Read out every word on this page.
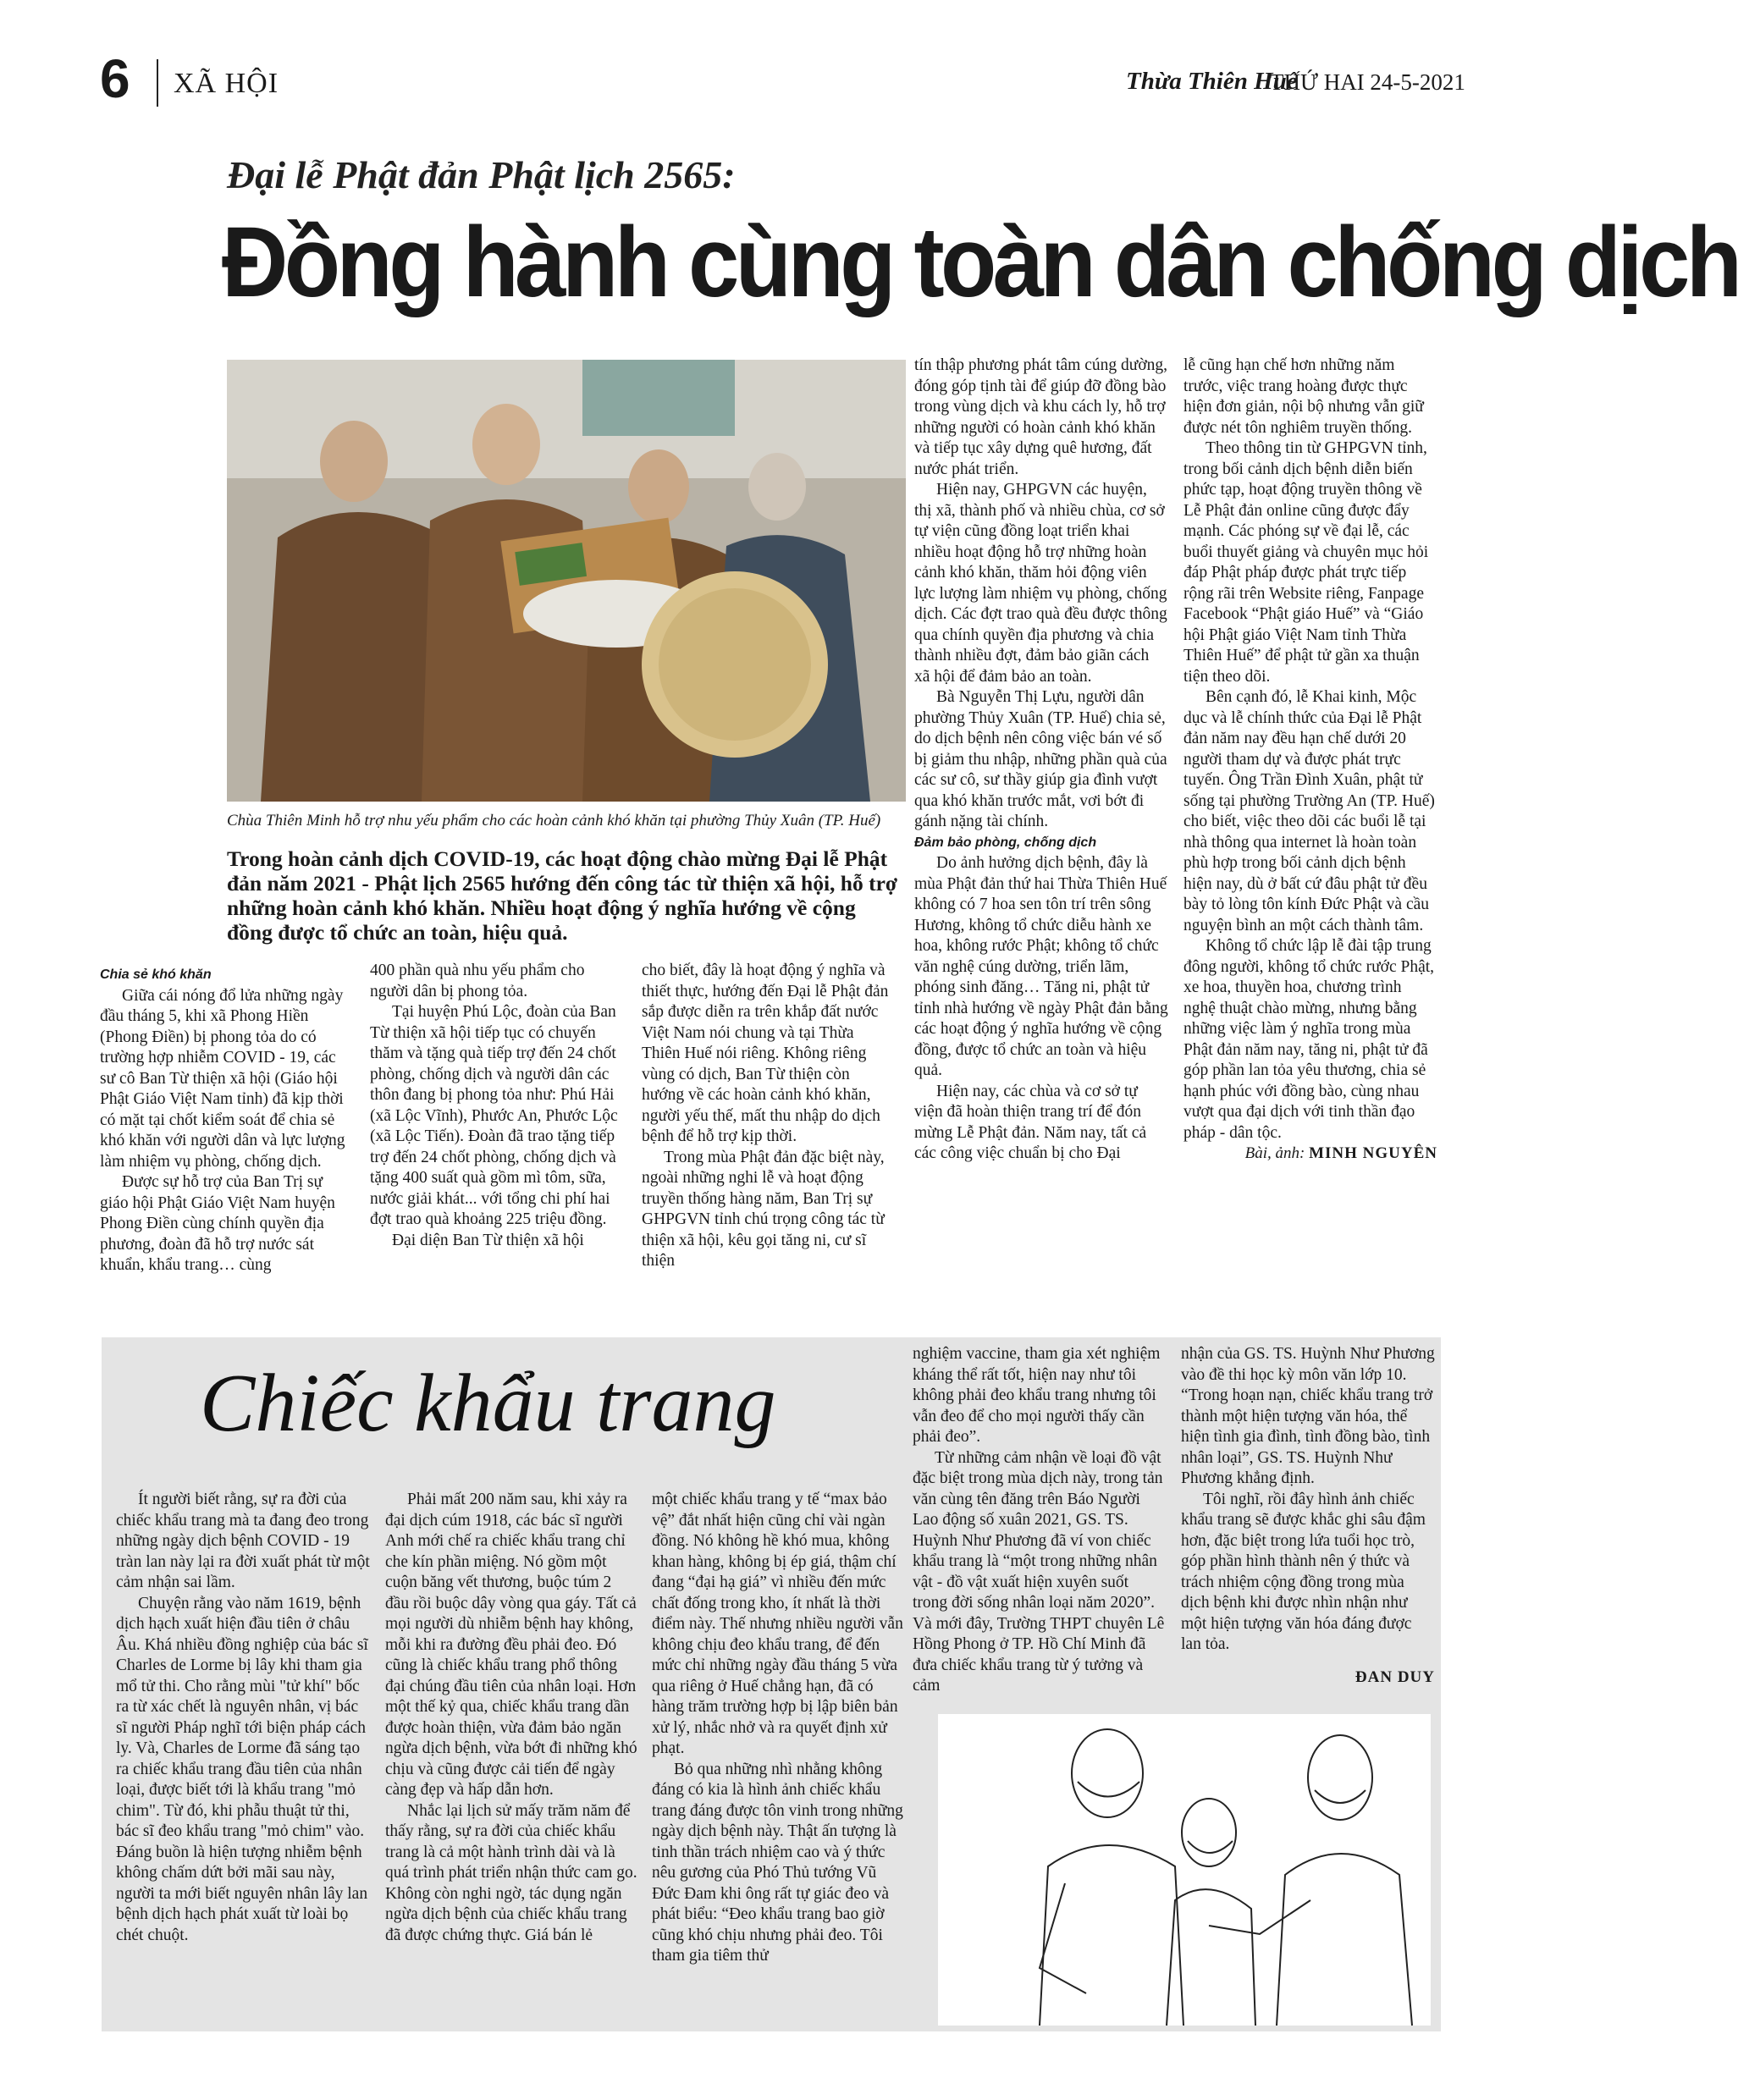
6 XÃ HỘI	Thừa Thiên Huế
THỨ HAI 24-5-2021
Đại lễ Phật đản Phật lịch 2565:
Đồng hành cùng toàn dân chống dịch
Chùa Thiên Minh hỗ trợ nhu yếu phẩm cho các hoàn cảnh khó khăn tại phường Thủy Xuân (TP. Huế)
Trong hoàn cảnh dịch COVID-19, các hoạt động chào mừng Đại lễ Phật đản năm 2021 - Phật lịch 2565 hướng đến công tác từ thiện xã hội, hỗ trợ những hoàn cảnh khó khăn. Nhiều hoạt động ý nghĩa hướng về cộng đồng được tổ chức an toàn, hiệu quả.

Chia sẻ khó khăn

Giữa cái nóng đổ lửa những ngày đầu tháng 5, khi xã Phong Hiền (Phong Điền) bị phong tỏa do có trường hợp nhiễm COVID - 19, các sư cô Ban Từ thiện xã hội (Giáo hội Phật Giáo Việt Nam tỉnh) đã kịp thời có mặt tại chốt kiểm soát để chia sẻ khó khăn với người dân và lực lượng làm nhiệm vụ phòng, chống dịch.

Được sự hỗ trợ của Ban Trị sự giáo hội Phật Giáo Việt Nam huyện Phong Điền cùng chính quyền địa phương, đoàn đã hỗ trợ nước sát khuẩn, khẩu trang… cùng

400 phần quà nhu yếu phẩm cho người dân bị phong tỏa.

Tại huyện Phú Lộc, đoàn của Ban Từ thiện xã hội tiếp tục có chuyến thăm và tặng quà tiếp trợ đến 24 chốt phòng, chống dịch và người dân các thôn đang bị phong tỏa như: Phú Hải (xã Lộc Vĩnh), Phước An, Phước Lộc (xã Lộc Tiến). Đoàn đã trao tặng tiếp trợ đến 24 chốt phòng, chống dịch và tặng 400 suất quà gồm mì tôm, sữa, nước giải khát... với tổng chi phí hai đợt trao quà khoảng 225 triệu đồng.

Đại diện Ban Từ thiện xã hội

cho biết, đây là hoạt động ý nghĩa và thiết thực, hướng đến Đại lễ Phật đản sắp được diễn ra trên khắp đất nước Việt Nam nói chung và tại Thừa Thiên Huế nói riêng. Không riêng vùng có dịch, Ban Từ thiện còn hướng về các hoàn cảnh khó khăn, người yếu thế, mất thu nhập do dịch bệnh để hỗ trợ kịp thời.

Trong mùa Phật đản đặc biệt này, ngoài những nghi lễ và hoạt động truyền thống hàng năm, Ban Trị sự GHPGVN tỉnh chú trọng công tác từ thiện xã hội, kêu gọi tăng ni, cư sĩ thiện

tín thập phương phát tâm cúng dường, đóng góp tịnh tài để giúp đỡ đồng bào trong vùng dịch và khu cách ly, hỗ trợ những người có hoàn cảnh khó khăn và tiếp tục xây dựng quê hương, đất nước phát triển.

Hiện nay, GHPGVN các huyện, thị xã, thành phố và nhiều chùa, cơ sở tự viện cũng đồng loạt triển khai nhiều hoạt động hỗ trợ những hoàn cảnh khó khăn, thăm hỏi động viên lực lượng làm nhiệm vụ phòng, chống dịch. Các đợt trao quà đều được thông qua chính quyền địa phương và chia thành nhiều đợt, đảm bảo giãn cách xã hội để đảm bảo an toàn.

Bà Nguyễn Thị Lựu, người dân phường Thủy Xuân (TP. Huế) chia sẻ, do dịch bệnh nên công việc bán vé số bị giảm thu nhập, những phần quà của các sư cô, sư thầy giúp gia đình vượt qua khó khăn trước mắt, vơi bớt đi gánh nặng tài chính.

Đảm bảo phòng, chống dịch

Do ảnh hưởng dịch bệnh, đây là mùa Phật đản thứ hai Thừa Thiên Huế không có 7 hoa sen tôn trí trên sông Hương, không tổ chức diễu hành xe hoa, không rước Phật; không tổ chức văn nghệ cúng dường, triển lãm, phóng sinh đăng… Tăng ni, phật tử tỉnh nhà hướng về ngày Phật đản bằng các hoạt động ý nghĩa hướng về cộng đồng, được tổ chức an toàn và hiệu quả.

Hiện nay, các chùa và cơ sở tự viện đã hoàn thiện trang trí để đón mừng Lễ Phật đản. Năm nay, tất cả các công việc chuẩn bị cho Đại

lễ cũng hạn chế hơn những năm trước, việc trang hoàng được thực hiện đơn giản, nội bộ nhưng vẫn giữ được nét tôn nghiêm truyền thống.

Theo thông tin từ GHPGVN tỉnh, trong bối cảnh dịch bệnh diễn biến phức tạp, hoạt động truyền thông về Lễ Phật đản online cũng được đẩy mạnh. Các phóng sự về đại lễ, các buổi thuyết giảng và chuyên mục hỏi đáp Phật pháp được phát trực tiếp rộng rãi trên Website riêng, Fanpage Facebook “Phật giáo Huế” và “Giáo hội Phật giáo Việt Nam tỉnh Thừa Thiên Huế” để phật tử gần xa thuận tiện theo dõi.

Bên cạnh đó, lễ Khai kinh, Mộc dục và lễ chính thức của Đại lễ Phật đản năm nay đều hạn chế dưới 20 người tham dự và được phát trực tuyến. Ông Trần Đình Xuân, phật tử sống tại phường Trường An (TP. Huế) cho biết, việc theo dõi các buổi lễ tại nhà thông qua internet là hoàn toàn phù hợp trong bối cảnh dịch bệnh hiện nay, dù ở bất cứ đâu phật tử đều bày tỏ lòng tôn kính Đức Phật và cầu nguyện bình an một cách thành tâm.

Không tổ chức lập lễ đài tập trung đông người, không tổ chức rước Phật, xe hoa, thuyền hoa, chương trình nghệ thuật chào mừng, nhưng bằng những việc làm ý nghĩa trong mùa Phật đản năm nay, tăng ni, phật tử đã góp phần lan tỏa yêu thương, chia sẻ hạnh phúc với đồng bào, cùng nhau vượt qua đại dịch với tinh thần đạo pháp - dân tộc.

Bài, ảnh: MINH NGUYÊN
Chiếc khẩu trang

Ít người biết rằng, sự ra đời của chiếc khẩu trang mà ta đang đeo trong những ngày dịch bệnh COVID - 19 tràn lan này lại ra đời xuất phát từ một cảm nhận sai lầm.

Chuyện rằng vào năm 1619, bệnh dịch hạch xuất hiện đầu tiên ở châu Âu. Khá nhiều đồng nghiệp của bác sĩ Charles de Lorme bị lây khi tham gia mổ tử thi. Cho rằng mùi "tử khí" bốc ra từ xác chết là nguyên nhân, vị bác sĩ người Pháp nghĩ tới biện pháp cách ly. Và, Charles de Lorme đã sáng tạo ra chiếc khẩu trang đầu tiên của nhân loại, được biết tới là khẩu trang "mỏ chim". Từ đó, khi phẫu thuật tử thi, bác sĩ đeo khẩu trang "mỏ chim" vào. Đáng buồn là hiện tượng nhiễm bệnh không chấm dứt bởi mãi sau này, người ta mới biết nguyên nhân lây lan bệnh dịch hạch phát xuất từ loài bọ chét chuột.

Phải mất 200 năm sau, khi xảy ra đại dịch cúm 1918, các bác sĩ người Anh mới chế ra chiếc khẩu trang chỉ che kín phần miệng. Nó gồm một cuộn băng vết thương, buộc túm 2 đầu rồi buộc dây vòng qua gáy. Tất cả mọi người dù nhiễm bệnh hay không, mỗi khi ra đường đều phải đeo. Đó cũng là chiếc khẩu trang phổ thông đại chúng đầu tiên của nhân loại. Hơn một thế kỷ qua, chiếc khẩu trang dần được hoàn thiện, vừa đảm bảo ngăn ngừa dịch bệnh, vừa bớt đi những khó chịu và cũng được cải tiến để ngày càng đẹp và hấp dẫn hơn.

Nhắc lại lịch sử mấy trăm năm để thấy rằng, sự ra đời của chiếc khẩu trang là cả một hành trình dài và là quá trình phát triển nhận thức cam go. Không còn nghi ngờ, tác dụng ngăn ngừa dịch bệnh của chiếc khẩu trang đã được chứng thực. Giá bán lẻ

một chiếc khẩu trang y tế “max bảo vệ” đắt nhất hiện cũng chỉ vài ngàn đồng. Nó không hề khó mua, không khan hàng, không bị ép giá, thậm chí đang “đại hạ giá” vì nhiều đến mức chất đống trong kho, ít nhất là thời điểm này. Thế nhưng nhiều người vẫn không chịu đeo khẩu trang, để đến mức chỉ những ngày đầu tháng 5 vừa qua riêng ở Huế chẳng hạn, đã có hàng trăm trường hợp bị lập biên bản xử lý, nhắc nhở và ra quyết định xử phạt.

Bỏ qua những nhì nhằng không đáng có kia là hình ảnh chiếc khẩu trang đáng được tôn vinh trong những ngày dịch bệnh này. Thật ấn tượng là tinh thần trách nhiệm cao và ý thức nêu gương của Phó Thủ tướng Vũ Đức Đam khi ông rất tự giác đeo và phát biểu: “Đeo khẩu trang bao giờ cũng khó chịu nhưng phải đeo. Tôi tham gia tiêm thử

nghiệm vaccine, tham gia xét nghiệm kháng thể rất tốt, hiện nay như tôi không phải đeo khẩu trang nhưng tôi vẫn đeo để cho mọi người thấy cần phải đeo”.

Từ những cảm nhận về loại đồ vật đặc biệt trong mùa dịch này, trong tản văn cùng tên đăng trên Báo Người Lao động số xuân 2021, GS. TS. Huỳnh Như Phương đã ví von chiếc khẩu trang là “một trong những nhân vật - đồ vật xuất hiện xuyên suốt trong đời sống nhân loại năm 2020”. Và mới đây, Trường THPT chuyên Lê Hồng Phong ở TP. Hồ Chí Minh đã đưa chiếc khẩu trang từ ý tưởng và cảm

nhận của GS. TS. Huỳnh Như Phương vào đề thi học kỳ môn văn lớp 10. “Trong hoạn nạn, chiếc khẩu trang trở thành một hiện tượng văn hóa, thể hiện tình gia đình, tình đồng bào, tình nhân loại”, GS. TS. Huỳnh Như Phương khẳng định.

Tôi nghĩ, rồi đây hình ảnh chiếc khẩu trang sẽ được khắc ghi sâu đậm hơn, đặc biệt trong lứa tuổi học trò, góp phần hình thành nên ý thức và trách nhiệm cộng đồng trong mùa dịch bệnh khi được nhìn nhận như một hiện tượng văn hóa đáng được lan tỏa.

ĐAN DUY
